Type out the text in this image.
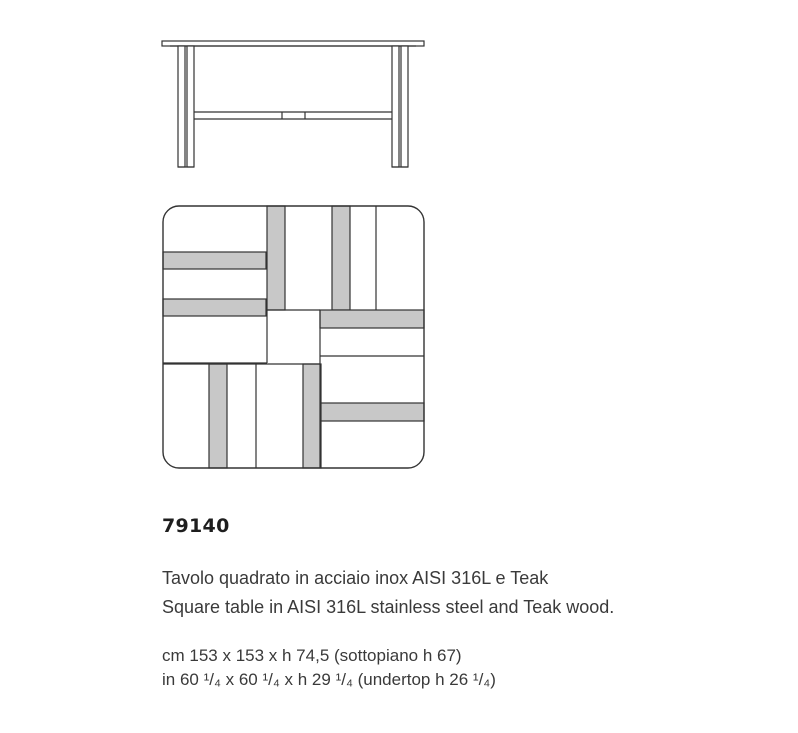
79140
Tavolo quadrato in acciaio inox AISI 316L e Teak
Square table in AISI 316L stainless steel and Teak wood.
cm 153 x 153 x h 74,5 (sottopiano h 67)
in 60 ¹/₄ x 60 ¹/₄ x h 29 ¹/₄ (undertop h 26 ¹/₄)
